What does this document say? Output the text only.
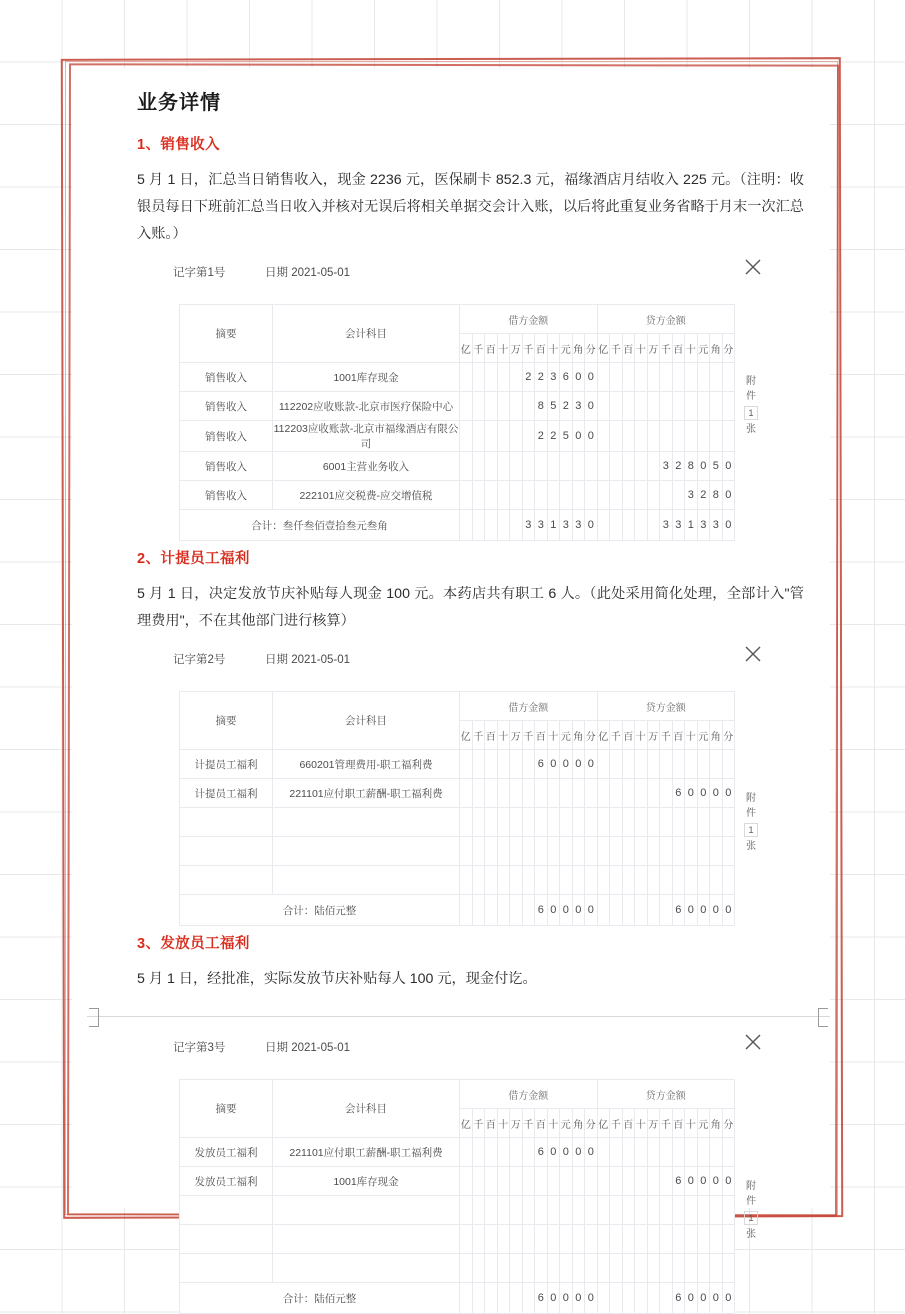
业务详情
1、销售收入

5 月 1 日，汇总当日销售收入，现金 2236 元，医保刷卡 852.3 元，福缘酒店月结收入 225 元。（注明：收银员每日下班前汇总当日收入并核对无误后将相关单据交会计入账，以后将此重复业务省略于月末一次汇总入账。）

记字第1号	日期 2021-05-01
摘要	会计科目	借方金额											贷方金额										
		亿	千	百	十	万	千	百	十	元	角	分	亿	千	百	十	万	千	百	十	元	角	分
销售收入	1001库存现金						2	2	3	6	0	0											
销售收入	112202应收账款-北京市医疗保险中心							8	5	2	3	0											
销售收入	112203应收账款-北京市福缘酒店有限公司							2	2	5	0	0											
销售收入	6001主营业务收入																	3	2	8	0	5	0
销售收入	222101应交税费-应交增值税																			3	2	8	0
合计：叁仟叁佰壹拾叁元叁角							3	3	1	3	3	0						3	3	1	3	3	0
附
件
1
张
2、计提员工福利

5 月 1 日，决定发放节庆补贴每人现金 100 元。本药店共有职工 6 人。（此处采用简化处理，全部计入"管理费用"，不在其他部门进行核算）

记字第2号	日期 2021-05-01
摘要	会计科目	借方金额											贷方金额										
		亿	千	百	十	万	千	百	十	元	角	分	亿	千	百	十	万	千	百	十	元	角	分
计提员工福利	660201管理费用-职工福利费							6	0	0	0	0											
计提员工福利	221101应付职工薪酬-职工福利费																		6	0	0	0	0

合计：陆佰元整								6	0	0	0	0							6	0	0	0	0
附
件
1
张
3、发放员工福利

5 月 1 日，经批准，实际发放节庆补贴每人 100 元，现金付讫。

记字第3号	日期 2021-05-01
摘要	会计科目	借方金额											贷方金额										
		亿	千	百	十	万	千	百	十	元	角	分	亿	千	百	十	万	千	百	十	元	角	分
发放员工福利	221101应付职工薪酬-职工福利费							6	0	0	0	0											
发放员工福利	1001库存现金																		6	0	0	0	0

合计：陆佰元整								6	0	0	0	0							6	0	0	0	0
附
件
1
张
